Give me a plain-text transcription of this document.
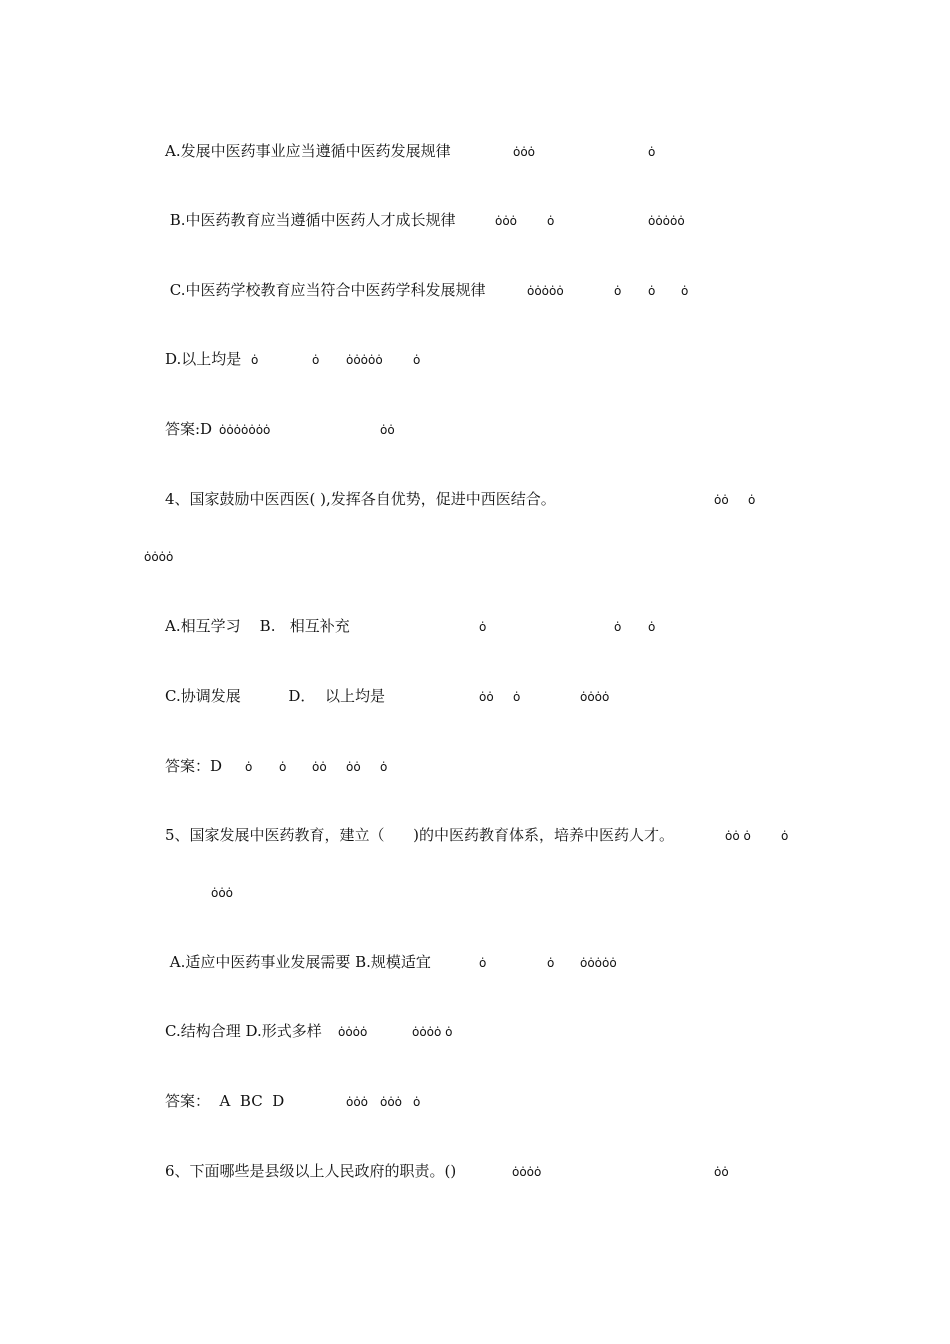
A.发展中医药事业应当遵循中医药发展规律
B.中医药教育应当遵循中医药人才成长规律
C.中医药学校教育应当符合中医药学科发展规律
D.以上均是
答案:D
4、国家鼓励中医西医( ),发挥各自优势，促进中西医结合。
A.相互学习    B.   相互补充
C.协调发展          D．  以上均是
答案：D
5、国家发展中医药教育，建立（      )的中医药教育体系，培养中医药人才。
A.适应中医药事业发展需要 B.规模适宜
C.结构合理 D.形式多样
答案：  A  BC  D
6、下面哪些是县级以上人民政府的职责。()
ȯȯȯ	ȯ
ȯȯȯ ȯ	ȯȯȯȯȯ
ȯȯȯȯȯ	ȯ ȯ ȯ
ȯ	ȯ ȯȯȯȯȯ	ȯ
ȯȯȯȯȯȯȯ	ȯȯ
ȯȯ ȯ
ȯȯȯȯ
ȯ	ȯ ȯ
ȯȯ ȯ	ȯȯȯȯ
ȯ ȯ ȯȯ ȯȯ ȯ
ȯȯ ȯ	ȯ
ȯȯȯ
ȯ	ȯ ȯȯȯȯȯ
ȯȯȯȯ	ȯȯȯȯ ȯ
ȯȯȯ ȯȯȯ ȯ
ȯȯȯȯ	ȯȯ
